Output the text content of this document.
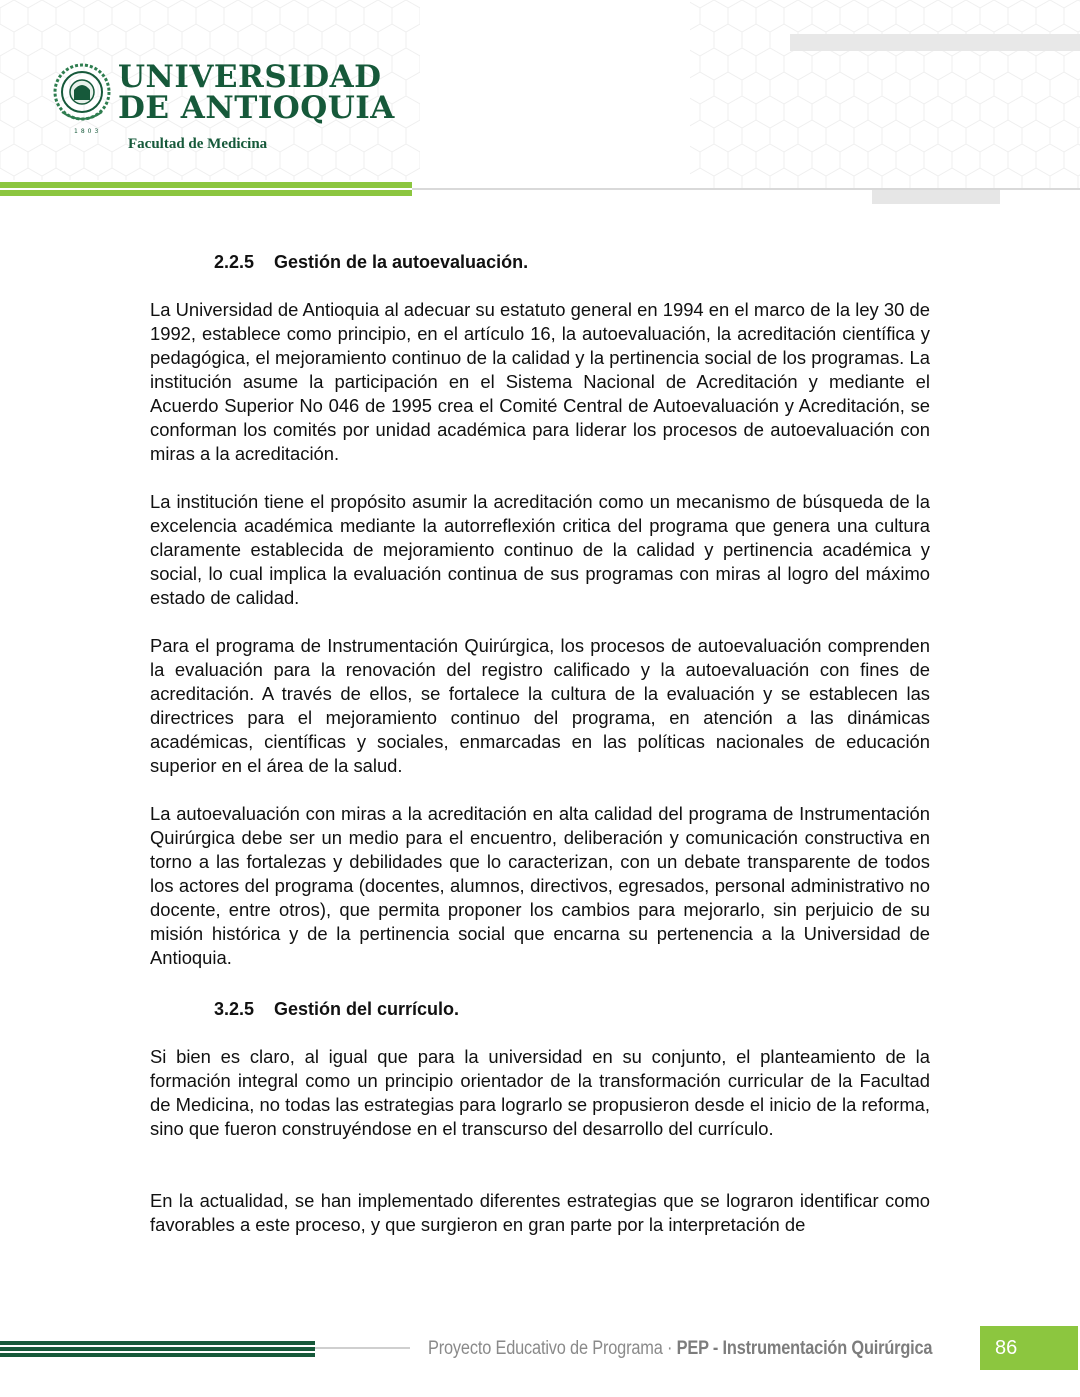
1803
UNIVERSIDAD
DE ANTIOQUIA
Facultad de Medicina
2.2.5 Gestión de la autoevaluación.
La Universidad de Antioquia al adecuar su estatuto general en 1994 en el marco de la ley 30 de 1992, establece como principio, en el artículo 16, la autoevaluación, la acreditación científica y pedagógica, el mejoramiento continuo de la calidad y la pertinencia social de los programas. La institución asume la participación en el Sistema Nacional de Acreditación y mediante el Acuerdo Superior No 046 de 1995 crea el Comité Central de Autoevaluación y Acreditación, se conforman los comités por unidad académica para liderar los procesos de autoevaluación con miras a la acreditación.
La institución tiene el propósito asumir la acreditación como un mecanismo de búsqueda de la excelencia académica mediante la autorreflexión critica del programa que genera una cultura claramente establecida de mejoramiento continuo de la calidad y pertinencia académica y social, lo cual implica la evaluación continua de sus programas con miras al logro del máximo estado de calidad.
Para el programa de Instrumentación Quirúrgica, los procesos de autoevaluación comprenden la evaluación para la renovación del registro calificado y la autoevaluación con fines de acreditación. A través de ellos, se fortalece la cultura de la evaluación y se establecen las directrices para el mejoramiento continuo del programa, en atención a las dinámicas académicas, científicas y sociales, enmarcadas en las políticas nacionales de educación superior en el área de la salud.
La autoevaluación con miras a la acreditación en alta calidad del programa de Instrumentación Quirúrgica debe ser un medio para el encuentro, deliberación y comunicación constructiva en torno a las fortalezas y debilidades que lo caracterizan, con un debate transparente de todos los actores del programa (docentes, alumnos, directivos, egresados, personal administrativo no docente, entre otros), que permita proponer los cambios para mejorarlo, sin perjuicio de su misión histórica y de la pertinencia social que encarna su pertenencia a la Universidad de Antioquia.
3.2.5 Gestión del currículo.
Si bien es claro, al igual que para la universidad en su conjunto, el planteamiento de la formación integral como un principio orientador de la transformación curricular de la Facultad de Medicina, no todas las estrategias para lograrlo se propusieron desde el inicio de la reforma, sino que fueron construyéndose en el transcurso del desarrollo del currículo.
En la actualidad, se han implementado diferentes estrategias que se lograron identificar como favorables a este proceso, y que surgieron en gran parte por la interpretación de
Proyecto Educativo de Programa · PEP - Instrumentación Quirúrgica	86
